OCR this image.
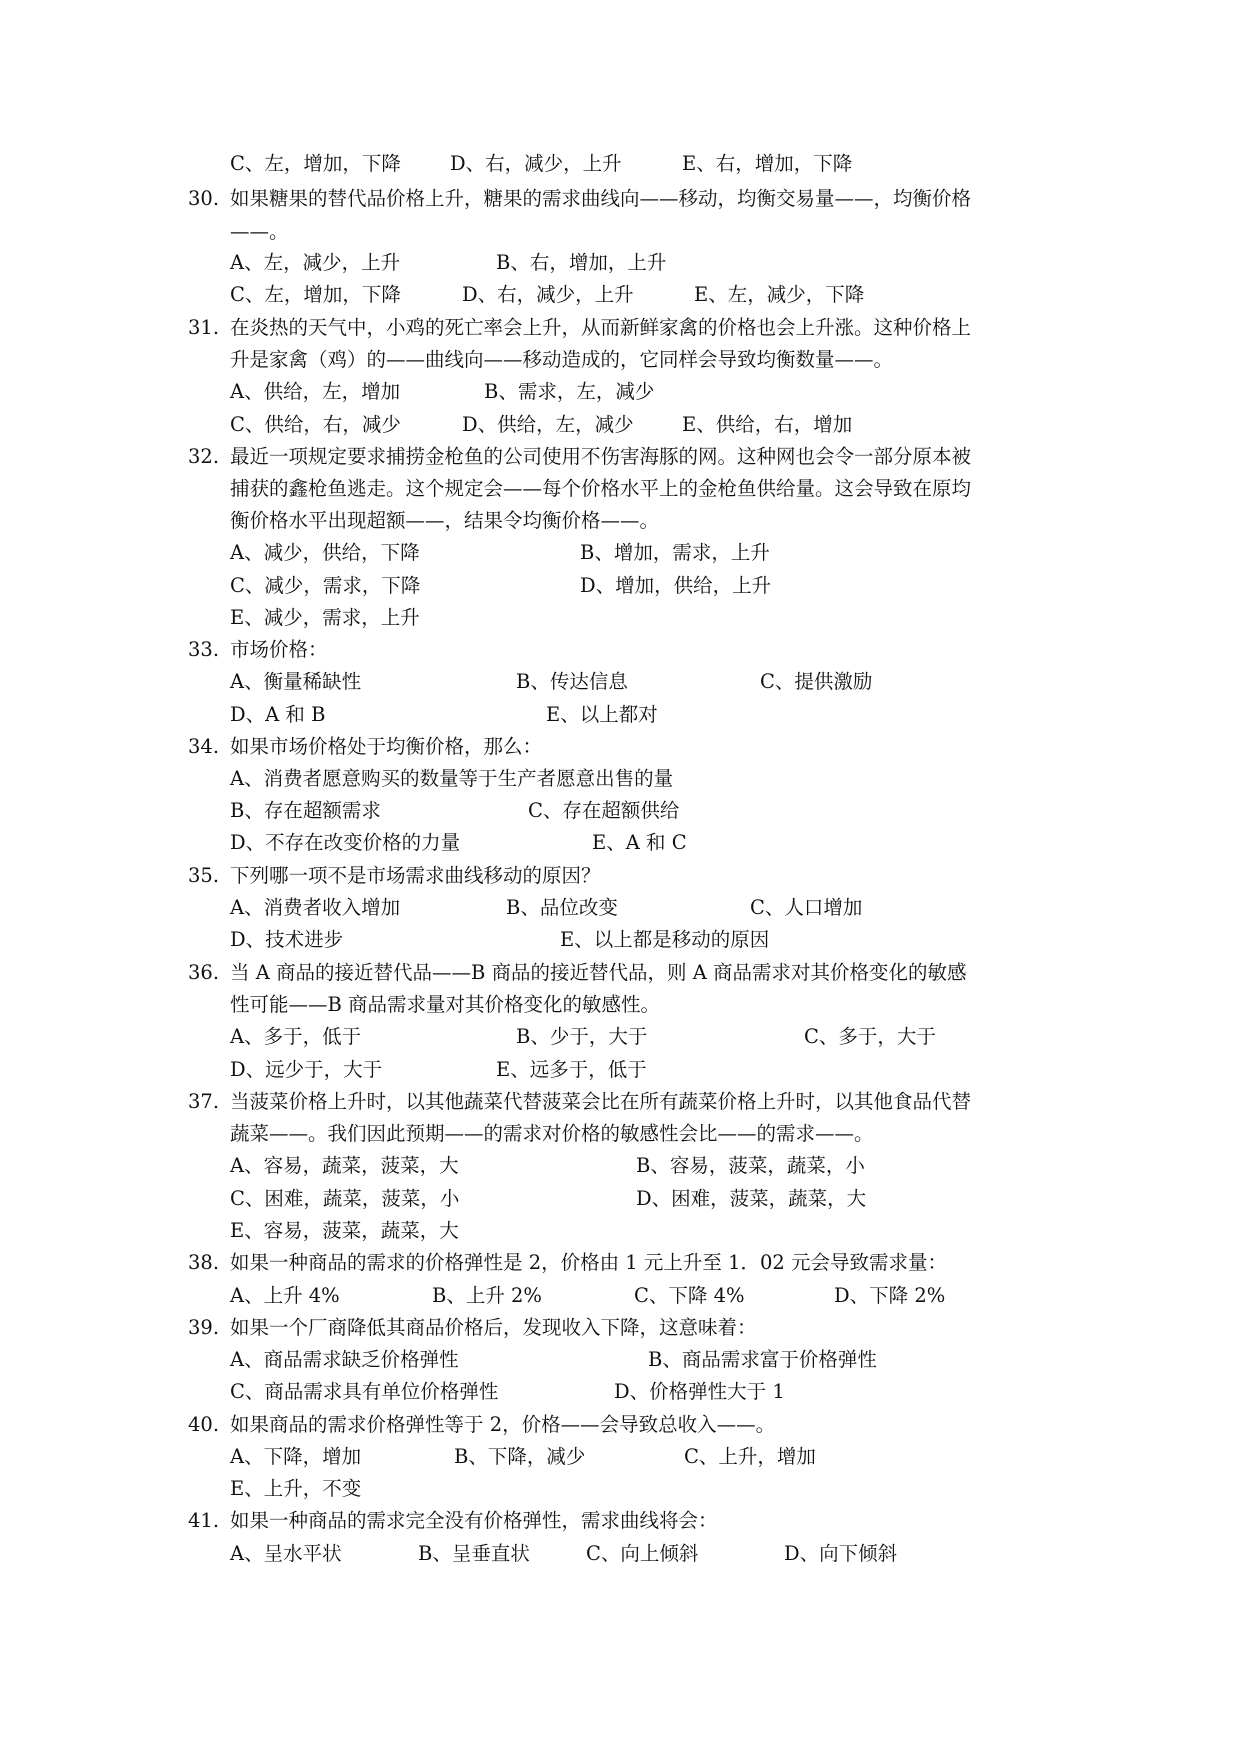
C、左，增加，下降	D、右，减少，上升	E、右，增加，下降
30. 如果糖果的替代品价格上升，糖果的需求曲线向——移动，均衡交易量——，均衡价格
——。
A、左，减少，上升	B、右，增加，上升
C、左，增加，下降	D、右，减少，上升	E、左，减少，下降
31. 在炎热的天气中，小鸡的死亡率会上升，从而新鲜家禽的价格也会上升涨。这种价格上
升是家禽（鸡）的——曲线向——移动造成的，它同样会导致均衡数量——。
A、供给，左，增加	B、需求，左，减少
C、供给，右，减少	D、供给，左，减少 E、供给，右，增加
32. 最近一项规定要求捕捞金枪鱼的公司使用不伤害海豚的网。这种网也会令一部分原本被
捕获的鑫枪鱼逃走。这个规定会——每个价格水平上的金枪鱼供给量。这会导致在原均
衡价格水平出现超额——，结果令均衡价格——。
A、减少，供给，下降	B、增加，需求，上升
C、减少，需求，下降	D、增加，供给，上升
E、减少，需求，上升
33. 市场价格：
A、衡量稀缺性	B、传达信息	C、提供激励
D、A 和 B	E、以上都对
34. 如果市场价格处于均衡价格，那么：
A、消费者愿意购买的数量等于生产者愿意出售的量
B、存在超额需求	C、存在超额供给
D、不存在改变价格的力量	E、A 和 C
35. 下列哪一项不是市场需求曲线移动的原因？
A、消费者收入增加	B、品位改变	C、人口增加
D、技术进步	E、以上都是移动的原因
36. 当 A 商品的接近替代品——B 商品的接近替代品，则 A 商品需求对其价格变化的敏感
性可能——B 商品需求量对其价格变化的敏感性。
A、多于，低于	B、少于，大于	C、多于，大于
D、远少于，大于	E、远多于，低于
37. 当菠菜价格上升时，以其他蔬菜代替菠菜会比在所有蔬菜价格上升时，以其他食品代替
蔬菜——。我们因此预期——的需求对价格的敏感性会比——的需求——。
A、容易，蔬菜，菠菜，大	B、容易，菠菜，蔬菜，小
C、困难，蔬菜，菠菜，小	D、困难，菠菜，蔬菜，大
E、容易，菠菜，蔬菜，大
38. 如果一种商品的需求的价格弹性是 2，价格由 1 元上升至 1．02 元会导致需求量：
A、上升 4%	B、上升 2%	C、下降 4%	D、下降 2%
39. 如果一个厂商降低其商品价格后，发现收入下降，这意味着：
A、商品需求缺乏价格弹性	B、商品需求富于价格弹性
C、商品需求具有单位价格弹性	D、价格弹性大于 1
40. 如果商品的需求价格弹性等于 2，价格——会导致总收入——。
A、下降，增加	B、下降，减少	C、上升，增加
E、上升，不变
41. 如果一种商品的需求完全没有价格弹性，需求曲线将会：
A、呈水平状	B、呈垂直状	C、向上倾斜	D、向下倾斜
